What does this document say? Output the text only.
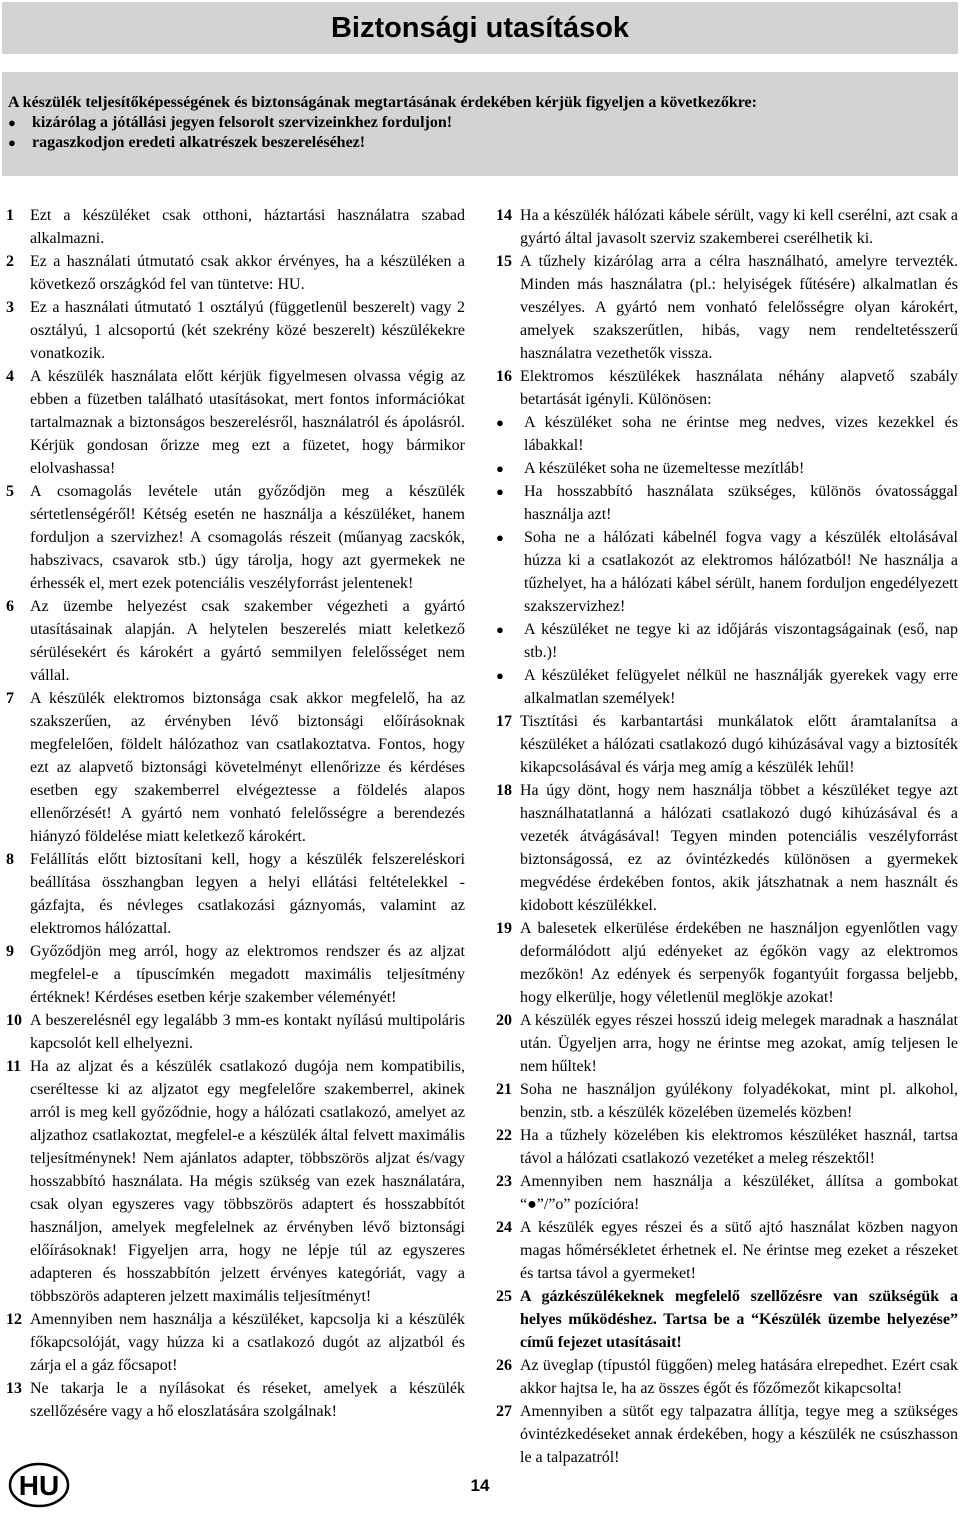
Biztonsági utasítások
A készülék teljesítőképességének és biztonságának megtartásának érdekében kérjük figyeljen a következőkre:
● kizárólag a jótállási jegyen felsorolt szervizeinkhez forduljon!
● ragaszkodjon eredeti alkatrészek beszereléséhez!
1 Ezt a készüléket csak otthoni, háztartási használatra szabad alkalmazni.
2 Ez a használati útmutató csak akkor érvényes, ha a készüléken a következő országkód fel van tüntetve: HU.
3 Ez a használati útmutató 1 osztályú (függetlenül beszerelt) vagy 2 osztályú, 1 alcsoportú (két szekrény közé beszerelt) készülékekre vonatkozik.
4 A készülék használata előtt kérjük figyelmesen olvassa végig az ebben a füzetben található utasításokat, mert fontos információkat tartalmaznak a biztonságos beszerelésről, használatról és ápolásról. Kérjük gondosan őrizze meg ezt a füzetet, hogy bármikor elolvashassa!
5 A csomagolás levétele után győződjön meg a készülék sértetlenségéről! Kétség esetén ne használja a készüléket, hanem forduljon a szervizhez! A csomagolás részeit (műanyag zacskók, habszivacs, csavarok stb.) úgy tárolja, hogy azt gyermekek ne érhessék el, mert ezek potenciális veszélyforrást jelentenek!
6 Az üzembe helyezést csak szakember végezheti a gyártó utasításainak alapján. A helytelen beszerelés miatt keletkező sérülésekért és károkért a gyártó semmilyen felelősséget nem vállal.
7 A készülék elektromos biztonsága csak akkor megfelelő, ha az szakszerűen, az érvényben lévő biztonsági előírásoknak megfelelően, földelt hálózathoz van csatlakoztatva. Fontos, hogy ezt az alapvető biztonsági követelményt ellenőrizze és kérdéses esetben egy szakemberrel elvégeztesse a földelés alapos ellenőrzését! A gyártó nem vonható felelősségre a berendezés hiányzó földelése miatt keletkező károkért.
8 Felállítás előtt biztosítani kell, hogy a készülék felszereléskori beállítása összhangban legyen a helyi ellátási feltételekkel - gázfajta, és névleges csatlakozási gáznyomás, valamint az elektromos hálózattal.
9 Győződjön meg arról, hogy az elektromos rendszer és az aljzat megfelel-e a típuscímkén megadott maximális teljesítmény értéknek! Kérdéses esetben kérje szakember véleményét!
10 A beszerelésnél egy legalább 3 mm-es kontakt nyílású multipoláris kapcsolót kell elhelyezni.
11 Ha az aljzat és a készülék csatlakozó dugója nem kompatibilis, cseréltesse ki az aljzatot egy megfelelőre szakemberrel, akinek arról is meg kell győződnie, hogy a hálózati csatlakozó, amelyet az aljzathoz csatlakoztat, megfelel-e a készülék által felvett maximális teljesítménynek! Nem ajánlatos adapter, többszörös aljzat és/vagy hosszabbító használata. Ha mégis szükség van ezek használatára, csak olyan egyszeres vagy többszörös adaptert és hosszabbítót használjon, amelyek megfelelnek az érvényben lévő biztonsági előírásoknak! Figyeljen arra, hogy ne lépje túl az egyszeres adapteren és hosszabbítón jelzett érvényes kategóriát, vagy a többszörös adapteren jelzett maximális teljesítményt!
12 Amennyiben nem használja a készüléket, kapcsolja ki a készülék főkapcsolóját, vagy húzza ki a csatlakozó dugót az aljzatból és zárja el a gáz főcsapot!
13 Ne takarja le a nyílásokat és réseket, amelyek a készülék szellőzésére vagy a hő eloszlatására szolgálnak!
14 Ha a készülék hálózati kábele sérült, vagy ki kell cserélni, azt csak a gyártó által javasolt szerviz szakemberei cserélhetik ki.
15 A tűzhely kizárólag arra a célra használható, amelyre tervezték. Minden más használatra (pl.: helyiségek fűtésére) alkalmatlan és veszélyes. A gyártó nem vonható felelősségre olyan károkért, amelyek szakszerűtlen, hibás, vagy nem rendeltetésszerű használatra vezethetők vissza.
16 Elektromos készülékek használata néhány alapvető szabály betartását igényli. Különösen:
● A készüléket soha ne érintse meg nedves, vizes kezekkel és lábakkal!
● A készüléket soha ne üzemeltesse mezítláb!
● Ha hosszabbító használata szükséges, különös óvatossággal használja azt!
● Soha ne a hálózati kábelnél fogva vagy a készülék eltolásával húzza ki a csatlakozót az elektromos hálózatból! Ne használja a tűzhelyet, ha a hálózati kábel sérült, hanem forduljon engedélyezett szakszervizhez!
● A készüléket ne tegye ki az időjárás viszontagságainak (eső, nap stb.)!
● A készüléket felügyelet nélkül ne használják gyerekek vagy erre alkalmatlan személyek!
17 Tisztítási és karbantartási munkálatok előtt áramtalanítsa a készüléket a hálózati csatlakozó dugó kihúzásával vagy a biztosíték kikapcsolásával és várja meg amíg a készülék lehűl!
18 Ha úgy dönt, hogy nem használja többet a készüléket tegye azt használhatatlanná a hálózati csatlakozó dugó kihúzásával és a vezeték átvágásával! Tegyen minden potenciális veszélyforrást biztonságossá, ez az óvintézkedés különösen a gyermekek megvédése érdekében fontos, akik játszhatnak a nem használt és kidobott készülékkel.
19 A balesetek elkerülése érdekében ne használjon egyenlőtlen vagy deformálódott aljú edényeket az égőkön vagy az elektromos mezőkön! Az edények és serpenyők fogantyúit forgassa beljebb, hogy elkerülje, hogy véletlenül meglökje azokat!
20 A készülék egyes részei hosszú ideig melegek maradnak a használat után. Ügyeljen arra, hogy ne érintse meg azokat, amíg teljesen le nem hűltek!
21 Soha ne használjon gyúlékony folyadékokat, mint pl. alkohol, benzin, stb. a készülék közelében üzemelés közben!
22 Ha a tűzhely közelében kis elektromos készüléket használ, tartsa távol a hálózati csatlakozó vezetéket a meleg részektől!
23 Amennyiben nem használja a készüléket, állítsa a gombokat “●”/”o” pozícióra!
24 A készülék egyes részei és a sütő ajtó használat közben nagyon magas hőmérsékletet érhetnek el. Ne érintse meg ezeket a részeket és tartsa távol a gyermeket!
25 A gázkészülékeknek megfelelő szellőzésre van szükségük a helyes működéshez. Tartsa be a “Készülék üzembe helyezése” című fejezet utasításait!
26 Az üveglap (típustól függően) meleg hatására elrepedhet. Ezért csak akkor hajtsa le, ha az összes égőt és főzőmezőt kikapcsolta!
27 Amennyiben a sütőt egy talpazatra állítja, tegye meg a szükséges óvintézkedéseket annak érdekében, hogy a készülék ne csúszhasson le a talpazatról!
HU	14
